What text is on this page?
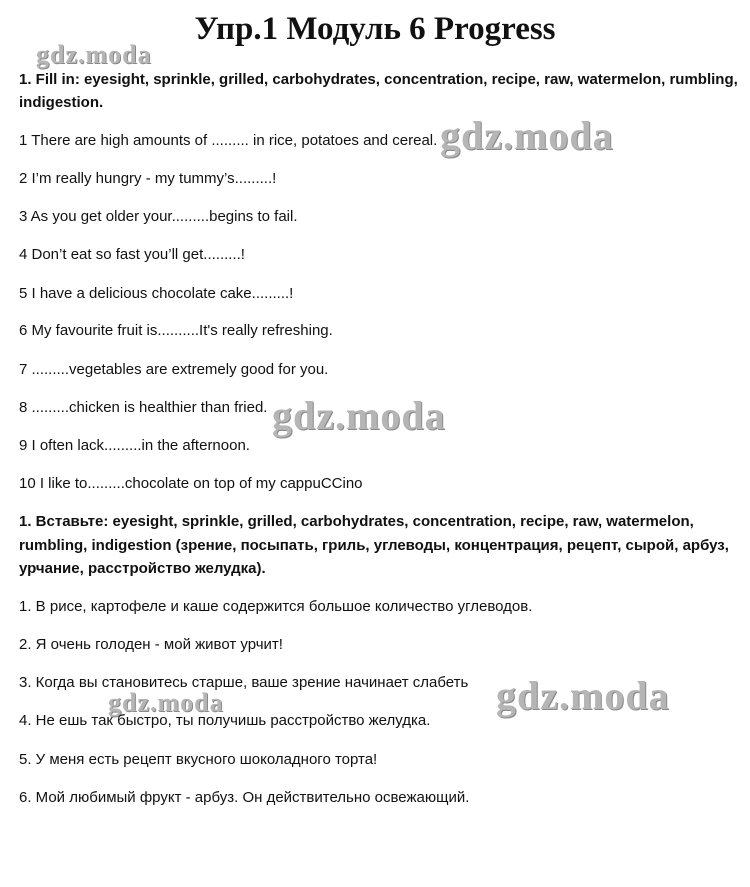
Упр.1 Модуль 6 Progress
gdz.moda
gdz.moda
gdz.moda
gdz.moda	gdz.moda

1. Fill in: eyesight, sprinkle, grilled, carbohydrates, concentration, recipe, raw, watermelon, rumbling,

indigestion.

1 There are high amounts of ......... in rice, potatoes and cereal.

2 I’m really hungry - my tummy’s.........!

3 As you get older your.........begins to fail.

4 Don’t eat so fast you’ll get.........!

5 I have a delicious chocolate cake.........!

6 My favourite fruit is..........It's really refreshing.

7 .........vegetables are extremely good for you.

8 .........chicken is healthier than fried.

9 I often lack.........in the afternoon.

10 I like to.........chocolate on top of my cappuCCino

1. Вставьте: eyesight, sprinkle, grilled, carbohydrates, concentration, recipe, raw, watermelon,

rumbling, indigestion (зрение, посыпать, гриль, углеводы, концентрация, рецепт, сырой, арбуз,

урчание, расстройство желудка).

1. В рисе, картофеле и каше содержится большое количество углеводов.

2. Я очень голоден - мой живот урчит!

3. Когда вы становитесь старше, ваше зрение начинает слабеть

4. Не ешь так быстро, ты получишь расстройство желудка.

5. У меня есть рецепт вкусного шоколадного торта!

6. Мой любимый фрукт - арбуз. Он действительно освежающий.
